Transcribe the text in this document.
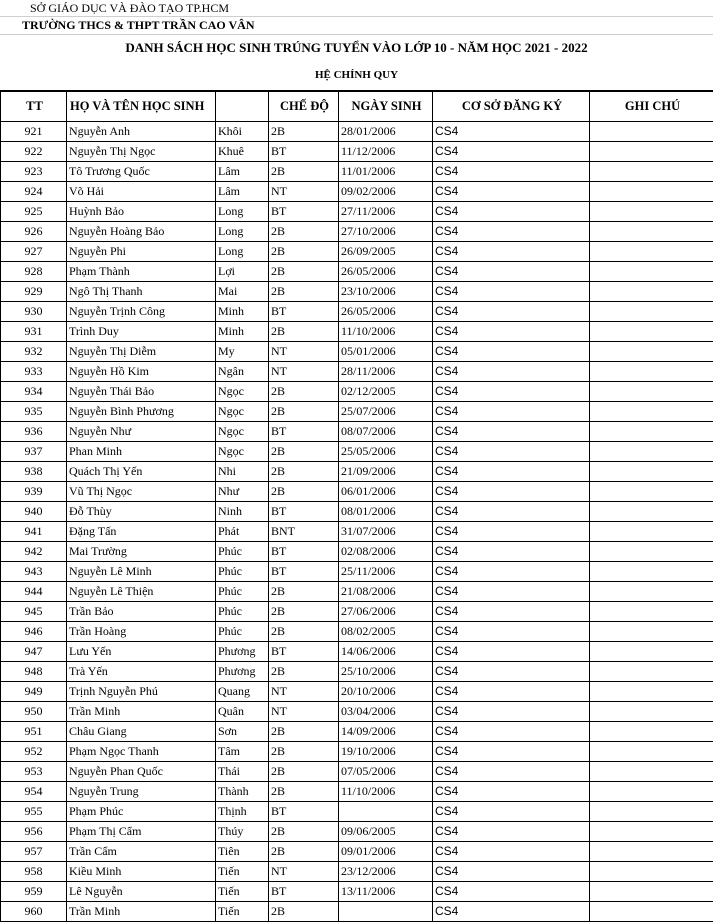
SỞ GIÁO DỤC VÀ ĐÀO TẠO TP.HCM
TRƯỜNG THCS & THPT TRẦN CAO VÂN
DANH SÁCH HỌC SINH TRÚNG TUYỂN VÀO LỚP 10 - NĂM HỌC 2021 - 2022
HỆ CHÍNH QUY
TT	HỌ VÀ TÊN HỌC SINH		CHẾ ĐỘ	NGÀY SINH	CƠ SỞ ĐĂNG KÝ	GHI CHÚ
921	Nguyễn Anh	Khôi	2B	28/01/2006	CS4	
922	Nguyễn Thị Ngọc	Khuê	BT	11/12/2006	CS4	
923	Tô Trương Quốc	Lâm	2B	11/01/2006	CS4	
924	Võ Hải	Lâm	NT	09/02/2006	CS4	
925	Huỳnh Bảo	Long	BT	27/11/2006	CS4	
926	Nguyễn Hoàng Bảo	Long	2B	27/10/2006	CS4	
927	Nguyễn Phi	Long	2B	26/09/2005	CS4	
928	Phạm Thành	Lợi	2B	26/05/2006	CS4	
929	Ngô Thị Thanh	Mai	2B	23/10/2006	CS4	
930	Nguyễn Trịnh Công	Minh	BT	26/05/2006	CS4	
931	Trình Duy	Minh	2B	11/10/2006	CS4	
932	Nguyễn Thị Diễm	My	NT	05/01/2006	CS4	
933	Nguyễn Hồ Kim	Ngân	NT	28/11/2006	CS4	
934	Nguyễn Thái Bảo	Ngọc	2B	02/12/2005	CS4	
935	Nguyễn Bình Phương	Ngọc	2B	25/07/2006	CS4	
936	Nguyễn Như	Ngọc	BT	08/07/2006	CS4	
937	Phan Minh	Ngọc	2B	25/05/2006	CS4	
938	Quách Thị Yến	Nhi	2B	21/09/2006	CS4	
939	Vũ Thị Ngọc	Như	2B	06/01/2006	CS4	
940	Đỗ Thùy	Ninh	BT	08/01/2006	CS4	
941	Đặng Tấn	Phát	BNT	31/07/2006	CS4	
942	Mai Trường	Phúc	BT	02/08/2006	CS4	
943	Nguyễn Lê Minh	Phúc	BT	25/11/2006	CS4	
944	Nguyễn Lê Thiện	Phúc	2B	21/08/2006	CS4	
945	Trần Bảo	Phúc	2B	27/06/2006	CS4	
946	Trần Hoàng	Phúc	2B	08/02/2005	CS4	
947	Lưu Yến	Phương	BT	14/06/2006	CS4	
948	Trà Yến	Phương	2B	25/10/2006	CS4	
949	Trịnh Nguyễn Phú	Quang	NT	20/10/2006	CS4	
950	Trần Minh	Quân	NT	03/04/2006	CS4	
951	Châu Giang	Sơn	2B	14/09/2006	CS4	
952	Phạm Ngọc Thanh	Tâm	2B	19/10/2006	CS4	
953	Nguyễn Phan Quốc	Thái	2B	07/05/2006	CS4	
954	Nguyễn Trung	Thành	2B	11/10/2006	CS4	
955	Phạm Phúc	Thịnh	BT		CS4	
956	Phạm Thị Cẩm	Thúy	2B	09/06/2005	CS4	
957	Trần Cẩm	Tiên	2B	09/01/2006	CS4	
958	Kiều Minh	Tiến	NT	23/12/2006	CS4	
959	Lê Nguyễn	Tiến	BT	13/11/2006	CS4	
960	Trần Minh	Tiến	2B		CS4	
